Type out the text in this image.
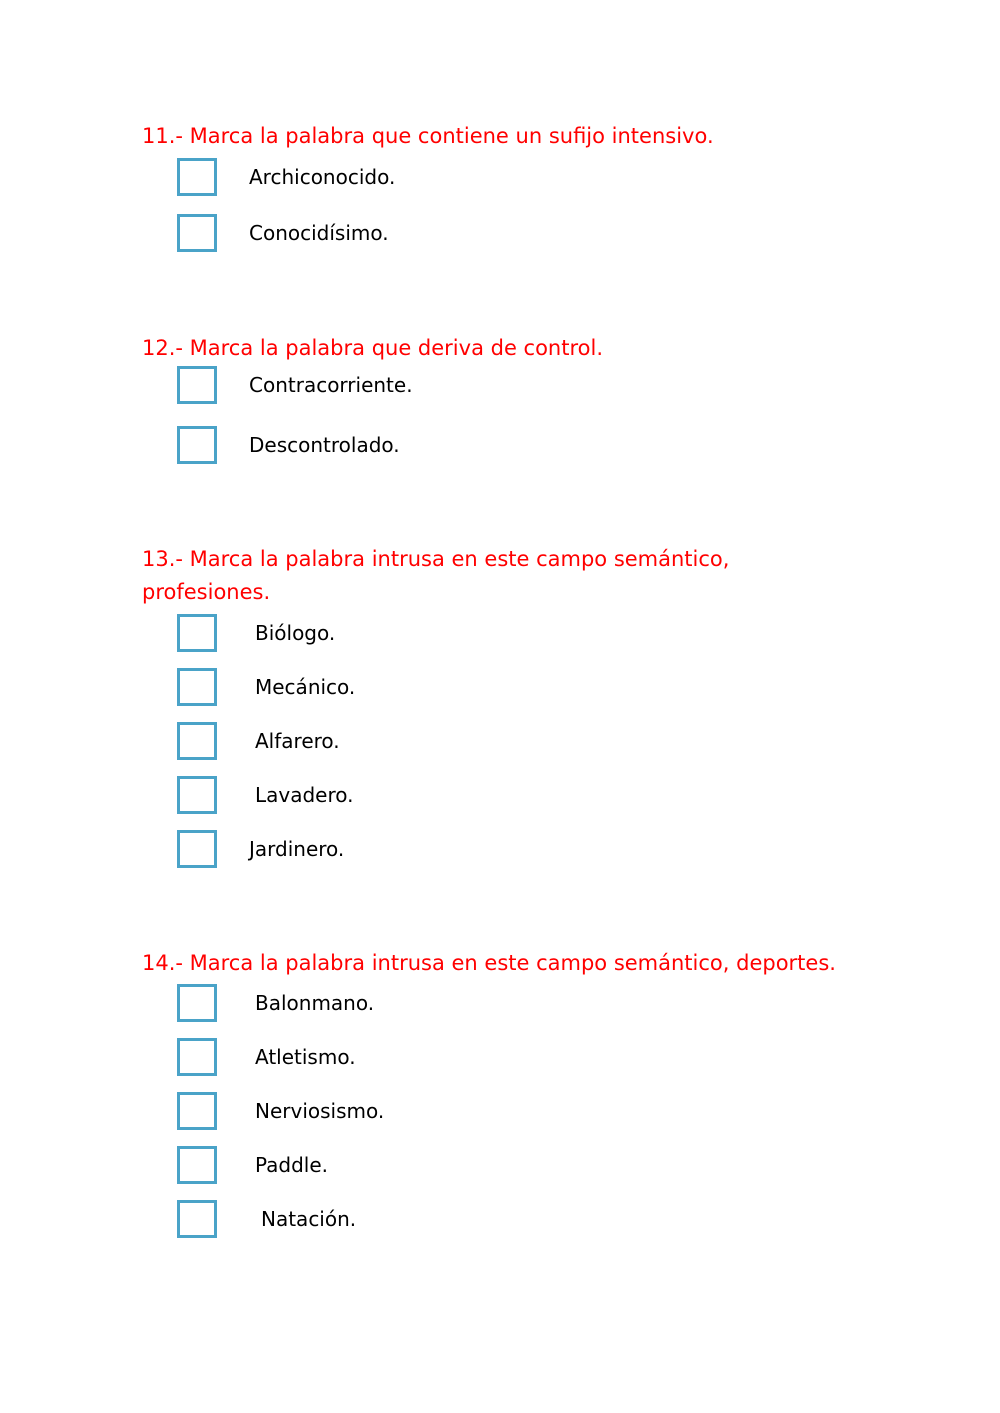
11.- Marca la palabra que contiene un sufijo intensivo.

Archiconocido.
Conocidísimo.

12.- Marca la palabra que deriva de control.

Contracorriente.
Descontrolado.

13.- Marca la palabra intrusa en este campo semántico, profesiones.

Biólogo.
Mecánico.
Alfarero.
Lavadero.
Jardinero.

14.- Marca la palabra intrusa en este campo semántico, deportes.

Balonmano.
Atletismo.
Nerviosismo.
Paddle.
Natación.
